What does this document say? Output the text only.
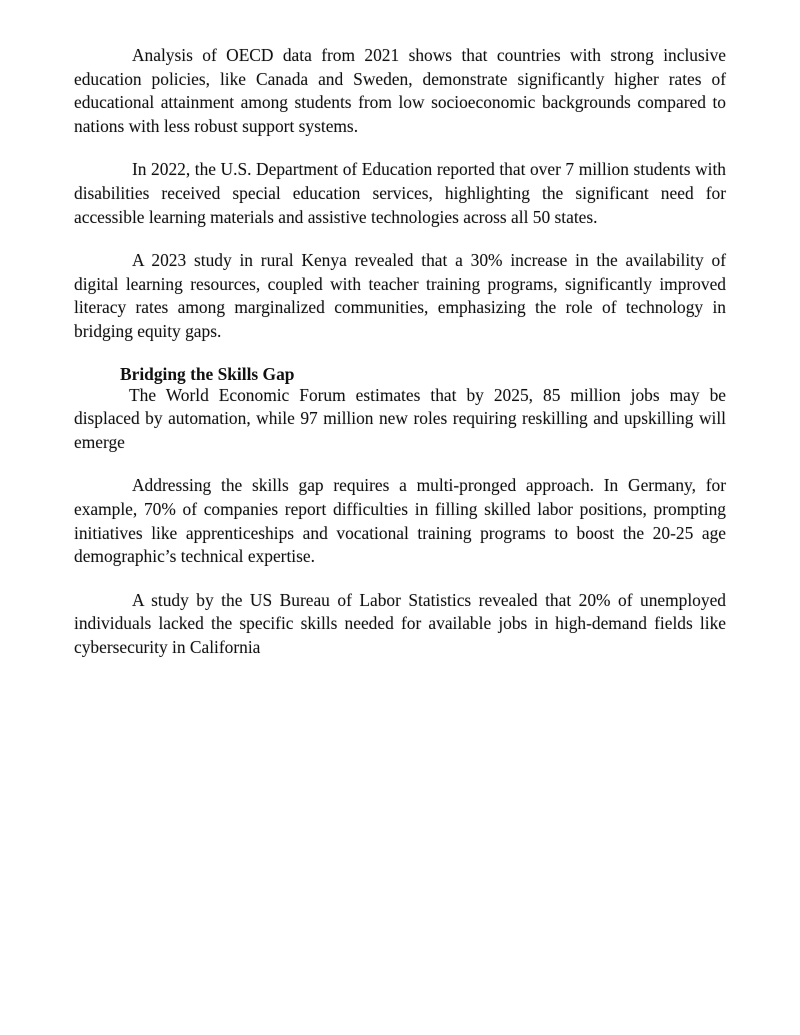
Analysis of OECD data from 2021 shows that countries with strong inclusive education policies, like Canada and Sweden, demonstrate significantly higher rates of educational attainment among students from low socioeconomic backgrounds compared to nations with less robust support systems.

In 2022, the U.S. Department of Education reported that over 7 million students with disabilities received special education services, highlighting the significant need for accessible learning materials and assistive technologies across all 50 states.

A 2023 study in rural Kenya revealed that a 30% increase in the availability of digital learning resources, coupled with teacher training programs, significantly improved literacy rates among marginalized communities, emphasizing the role of technology in bridging equity gaps.

Bridging the Skills Gap

The World Economic Forum estimates that by 2025, 85 million jobs may be displaced by automation, while 97 million new roles requiring reskilling and upskilling will emerge

Addressing the skills gap requires a multi-pronged approach. In Germany, for example, 70% of companies report difficulties in filling skilled labor positions, prompting initiatives like apprenticeships and vocational training programs to boost the 20-25 age demographic’s technical expertise.

A study by the US Bureau of Labor Statistics revealed that 20% of unemployed individuals lacked the specific skills needed for available jobs in high-demand fields like cybersecurity in California
